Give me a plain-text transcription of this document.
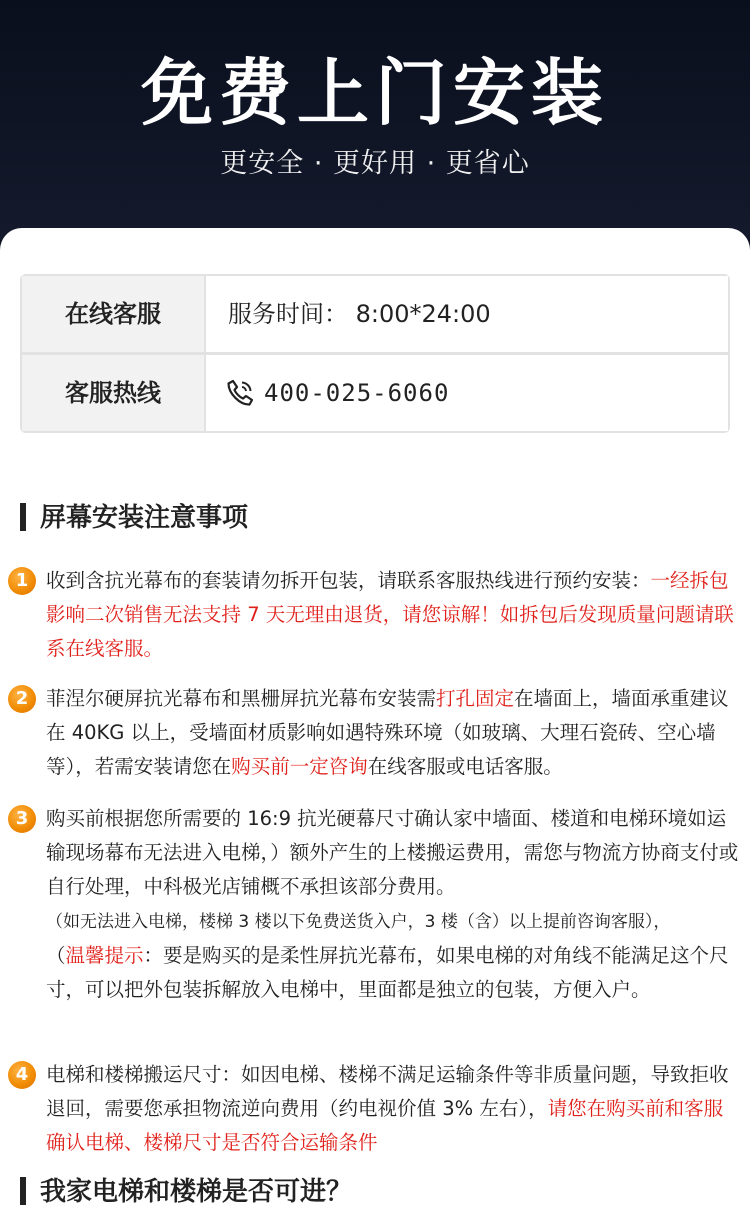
免费上门安装
更安全 · 更好用 · 更省心
在线客服	服务时间： 8:00*24:00
客服热线	400-025-6060
屏幕安装注意事项
1 收到含抗光幕布的套装请勿拆开包装，请联系客服热线进行预约安装：一经拆包影响二次销售无法支持 7 天无理由退货，请您谅解！如拆包后发现质量问题请联系在线客服。
2 菲涅尔硬屏抗光幕布和黑栅屏抗光幕布安装需打孔固定在墙面上，墙面承重建议在 40KG 以上，受墙面材质影响如遇特殊环境（如玻璃、大理石瓷砖、空心墙等），若需安装请您在购买前一定咨询在线客服或电话客服。
3 购买前根据您所需要的 16:9 抗光硬幕尺寸确认家中墙面、楼道和电梯环境如运输现场幕布无法进入电梯，）额外产生的上楼搬运费用，需您与物流方协商支付或自行处理，中科极光店铺概不承担该部分费用。
（如无法进入电梯，楼梯 3 楼以下免费送货入户，3 楼（含）以上提前咨询客服），
（温馨提示：要是购买的是柔性屏抗光幕布，如果电梯的对角线不能满足这个尺寸，可以把外包装拆解放入电梯中，里面都是独立的包装，方便入户。
4 电梯和楼梯搬运尺寸：如因电梯、楼梯不满足运输条件等非质量问题，导致拒收退回，需要您承担物流逆向费用（约电视价值 3% 左右），请您在购买前和客服确认电梯、楼梯尺寸是否符合运输条件
我家电梯和楼梯是否可进？
